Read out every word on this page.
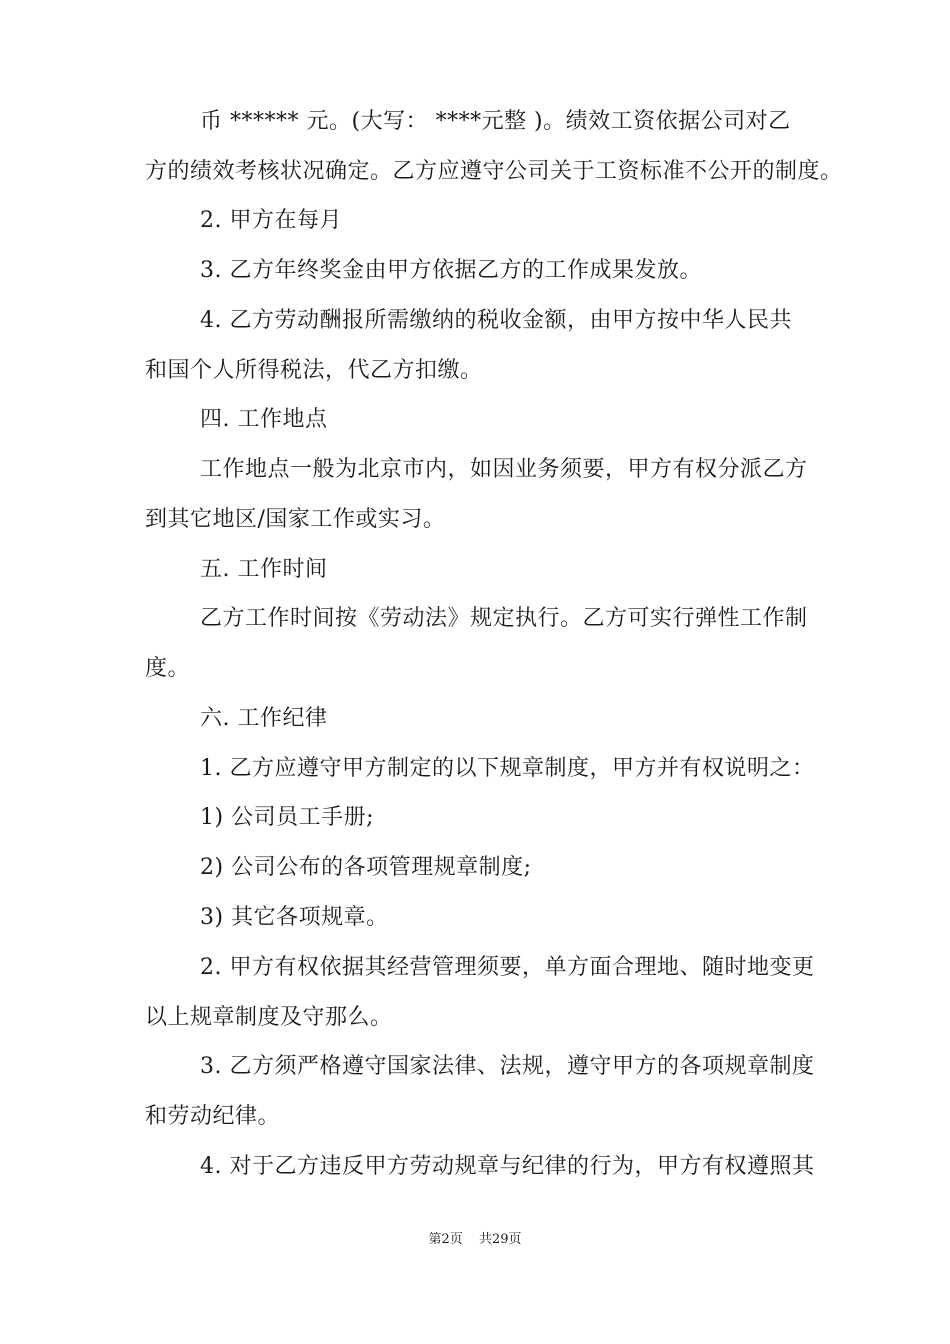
币 ****** 元。(大写： ****元整 )。绩效工资依据公司对乙
方的绩效考核状况确定。乙方应遵守公司关于工资标准不公开的制度。
2. 甲方在每月
3. 乙方年终奖金由甲方依据乙方的工作成果发放。
4. 乙方劳动酬报所需缴纳的税收金额，由甲方按中华人民共
和国个人所得税法，代乙方扣缴。
四. 工作地点
工作地点一般为北京市内，如因业务须要，甲方有权分派乙方
到其它地区/国家工作或实习。
五. 工作时间
乙方工作时间按《劳动法》规定执行。乙方可实行弹性工作制
度。
六. 工作纪律
1. 乙方应遵守甲方制定的以下规章制度，甲方并有权说明之：
1) 公司员工手册;
2) 公司公布的各项管理规章制度;
3) 其它各项规章。
2. 甲方有权依据其经营管理须要，单方面合理地、随时地变更
以上规章制度及守那么。
3. 乙方须严格遵守国家法律、法规，遵守甲方的各项规章制度
和劳动纪律。
4. 对于乙方违反甲方劳动规章与纪律的行为，甲方有权遵照其
第2页 共29页
